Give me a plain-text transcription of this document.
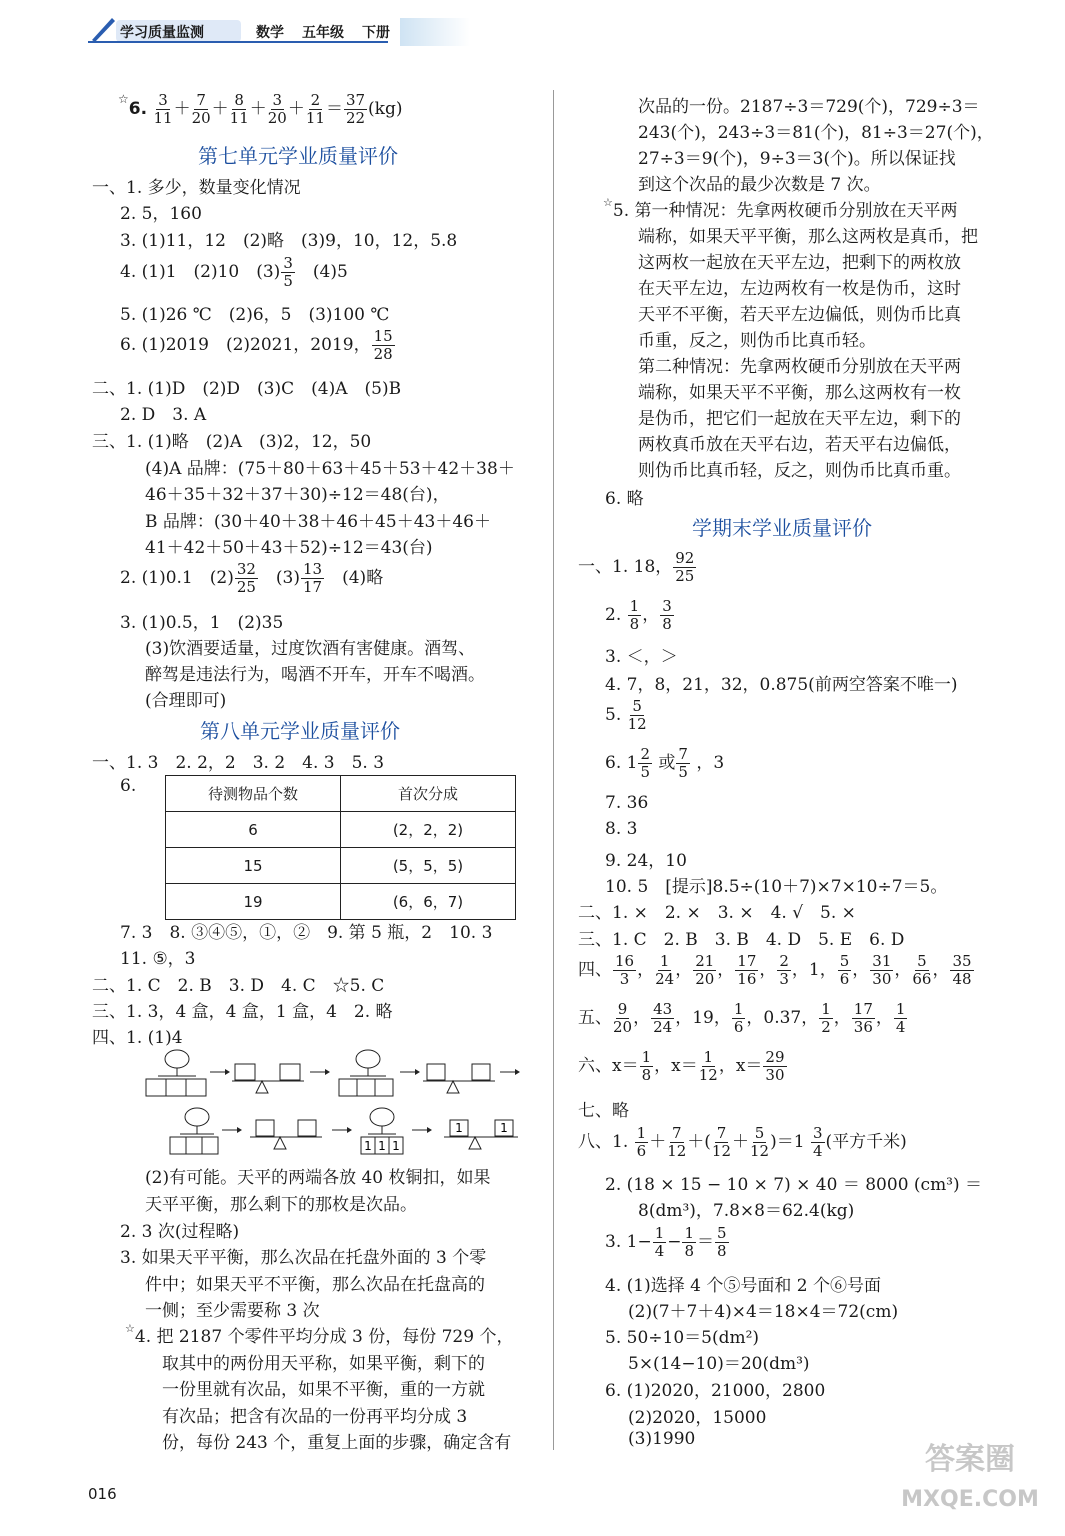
学习质量监测	数学 五年级 下册
☆6. $\frac{3}{11} + \frac{7}{20} + \frac{8}{11} + \frac{3}{20} + \frac{2}{11} = \frac{37}{22} (kg)$
第七单元学业质量评价
一、1. 多少，数量变化情况
2. 5，160
3. (1)11，12　(2)略　(3)9，10，12，5.8
4. (1)1　(2)10　$(3) \frac{3}{5}$ 　(4)5
5. (1)26 ℃　(2)6，5　(3)100 ℃
6. (1)2019　(2)2021，2019， $\frac{15}{28}$
二、1. (1)D　(2)D　(3)C　(4)A　(5)B
2. D　3. A
三、1. (1)略　(2)A　(3)2，12，50
(4)A 品牌：(75＋80＋63＋45＋53＋42＋38＋
46＋35＋32＋37＋30)÷12＝48(台)，
B 品牌：(30＋40＋38＋46＋45＋43＋46＋
41＋42＋50＋43＋52)÷12＝43(台)
2. (1)0.1　$(2) \frac{32}{25}$ 　$(3) \frac{13}{17}$ 　(4)略
3. (1)0.5，1　(2)35
(3)饮酒要适量，过度饮酒有害健康。酒驾、
醉驾是违法行为，喝酒不开车，开车不喝酒。
(合理即可)
第八单元学业质量评价
一、1. 3　2. 2，2　3. 2　4. 3　5. 3
6.	待测物品个数	首次分成
6	(2，2，2)
15	(5，5，5)
19	(6，6，7)
7. 3　8. ③④⑤，①，②　9. 第 5 瓶，2　10. 3
11. ⑤，3
二、1. C　2. B　3. D　4. C　☆5. C
三、1. 3，4 盒，4 盒，1 盒，4　2. 略
四、1. (1)4
1 1 1
1	1
(2)有可能。天平的两端各放 40 枚铜扣，如果
天平平衡，那么剩下的那枚是次品。
2. 3 次(过程略)
3. 如果天平平衡，那么次品在托盘外面的 3 个零
件中；如果天平不平衡，那么次品在托盘高的
一侧；至少需要称 3 次
☆4. 把 2187 个零件平均分成 3 份，每份 729 个，
取其中的两份用天平称，如果平衡，剩下的
一份里就有次品，如果不平衡，重的一方就
有次品；把含有次品的一份再平均分成 3
份，每份 243 个，重复上面的步骤，确定含有
016
次品的一份。2187÷3＝729(个)，729÷3＝
243(个)，243÷3＝81(个)，81÷3＝27(个)，
27÷3＝9(个)，9÷3＝3(个)。所以保证找
到这个次品的最少次数是 7 次。
☆5. 第一种情况：先拿两枚硬币分别放在天平两
端称，如果天平平衡，那么这两枚是真币，把
这两枚一起放在天平左边，把剩下的两枚放
在天平左边，左边两枚有一枚是伪币，这时
天平不平衡，若天平左边偏低，则伪币比真
币重，反之，则伪币比真币轻。
第二种情况：先拿两枚硬币分别放在天平两
端称，如果天平不平衡，那么这两枚有一枚
是伪币，把它们一起放在天平左边，剩下的
两枚真币放在天平右边，若天平右边偏低，
则伪币比真币轻，反之，则伪币比真币重。
6. 略
学期末学业质量评价
一、1. 18， $\frac{92}{25}$
2. $\frac{1}{8}$ ， $\frac{3}{8}$
3. ＜，＞
4. 7，8，21，32，0.875(前两空答案不唯一)
5. $\frac{5}{12}$
6. $1 \frac{2}{5}$ 或 $\frac{7}{5}$ ，3
7. 36
8. 3
9. 24，10
10. 5　[提示]8.5÷(10＋7)×7×10÷7＝5。
二、1. ×　2. ×　3. ×　4. √　5. ×
三、1. C　2. B　3. B　4. D　5. E　6. D
四、 $\frac{16}{3}$ ， $\frac{1}{24}$ ， $\frac{21}{20}$ ， $\frac{17}{16}$ ， $\frac{2}{3}$ ，1， $\frac{5}{6}$ ， $\frac{31}{30}$ ， $\frac{5}{66}$ ， $\frac{35}{48}$
五、 $\frac{9}{20}$ ， $\frac{43}{24}$ ，19， $\frac{1}{6}$ ，0.37， $\frac{1}{2}$ ， $\frac{17}{36}$ ， $\frac{1}{4}$
六、$x= \frac{1}{8}$ ，$x= \frac{1}{12}$ ，$x= \frac{29}{30}$
七、略
八、1. $\frac{1}{6} + \frac{7}{12}$ ＋( $\frac{7}{12} + \frac{5}{12} )=1 \frac{3}{4}$ (平方千米)
2. (18 × 15 − 10 × 7) × 40 ＝ 8000 (cm³) ＝
8(dm³)，7.8×8＝62.4(kg)
3. $1- \frac{1}{4} - \frac{1}{8} = \frac{5}{8}$
4. (1)选择 4 个⑤号面和 2 个⑥号面
(2)(7＋7＋4)×4＝18×4＝72(cm)
5. 50÷10＝5(dm²)
5×(14−10)＝20(dm³)
6. (1)2020，21000，2800
(2)2020，15000
(3)1990
答案圈
MXQE.COM
